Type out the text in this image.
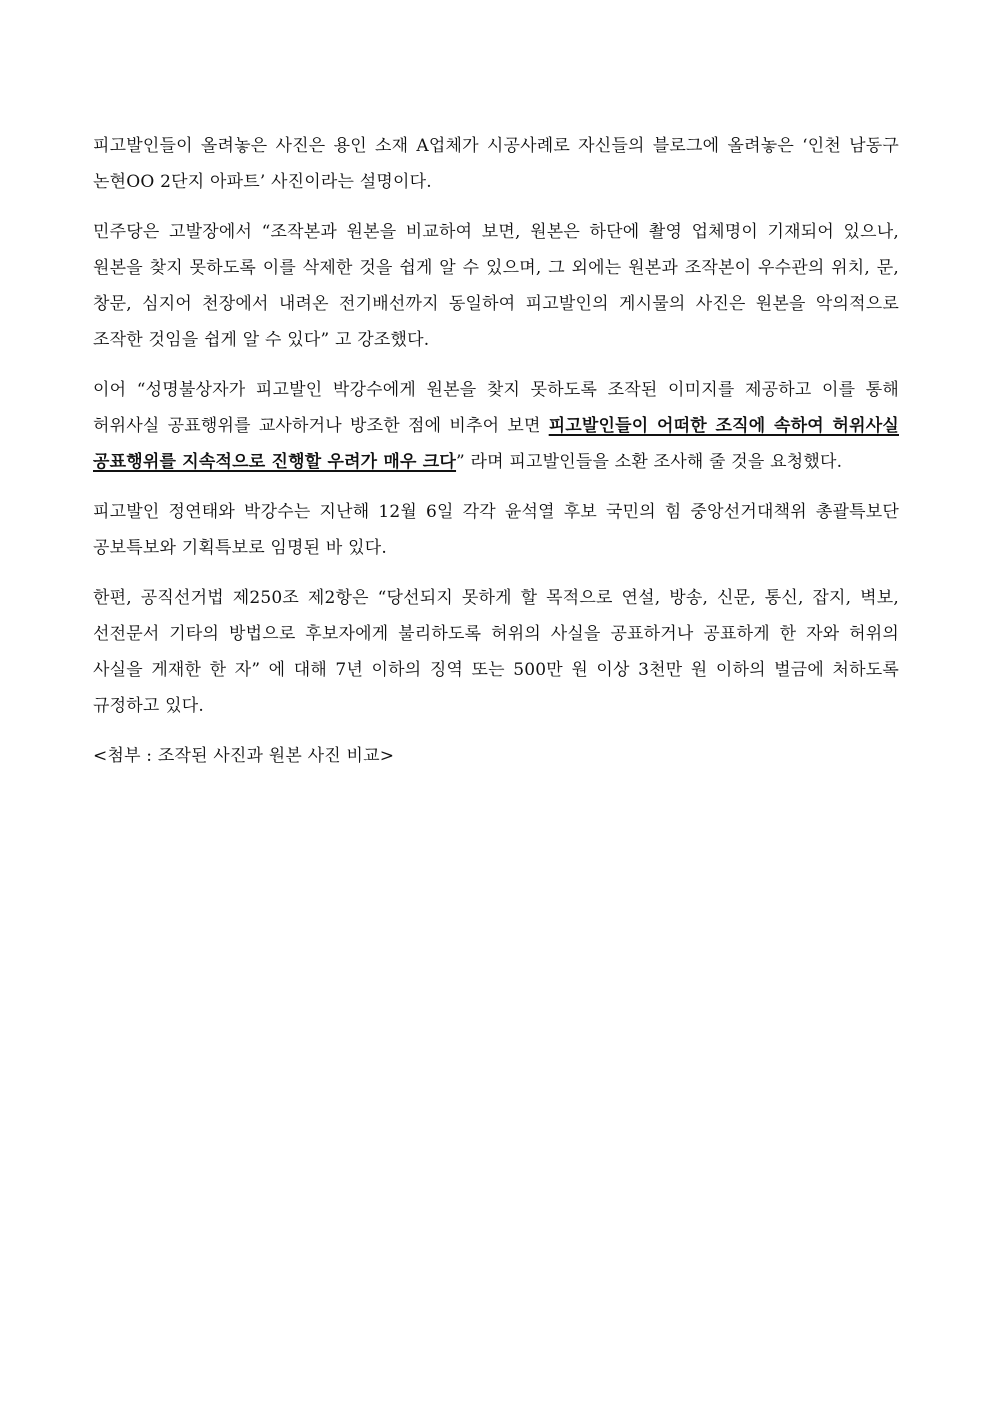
피고발인들이 올려놓은 사진은 용인 소재 A업체가 시공사례로 자신들의 블로그에 올려놓은 ‘인천 남동구 논현OO 2단지 아파트’ 사진이라는 설명이다.

민주당은 고발장에서 “조작본과 원본을 비교하여 보면, 원본은 하단에 촬영 업체명이 기재되어 있으나, 원본을 찾지 못하도록 이를 삭제한 것을 쉽게 알 수 있으며, 그 외에는 원본과 조작본이 우수관의 위치, 문, 창문, 심지어 천장에서 내려온 전기배선까지 동일하여 피고발인의 게시물의 사진은 원본을 악의적으로 조작한 것임을 쉽게 알 수 있다” 고 강조했다.

이어 “성명불상자가 피고발인 박강수에게 원본을 찾지 못하도록 조작된 이미지를 제공하고 이를 통해 허위사실 공표행위를 교사하거나 방조한 점에 비추어 보면 피고발인들이 어떠한 조직에 속하여 허위사실 공표행위를 지속적으로 진행할 우려가 매우 크다” 라며 피고발인들을 소환 조사해 줄 것을 요청했다.

피고발인 정연태와 박강수는 지난해 12월 6일 각각 윤석열 후보 국민의 힘 중앙선거대책위 총괄특보단 공보특보와 기획특보로 임명된 바 있다.

한편, 공직선거법 제250조 제2항은 “당선되지 못하게 할 목적으로 연설, 방송, 신문, 통신, 잡지, 벽보, 선전문서 기타의 방법으로 후보자에게 불리하도록 허위의 사실을 공표하거나 공표하게 한 자와 허위의 사실을 게재한 한 자” 에 대해 7년 이하의 징역 또는 500만 원 이상 3천만 원 이하의 벌금에 처하도록 규정하고 있다.

<첨부 : 조작된 사진과 원본 사진 비교>
